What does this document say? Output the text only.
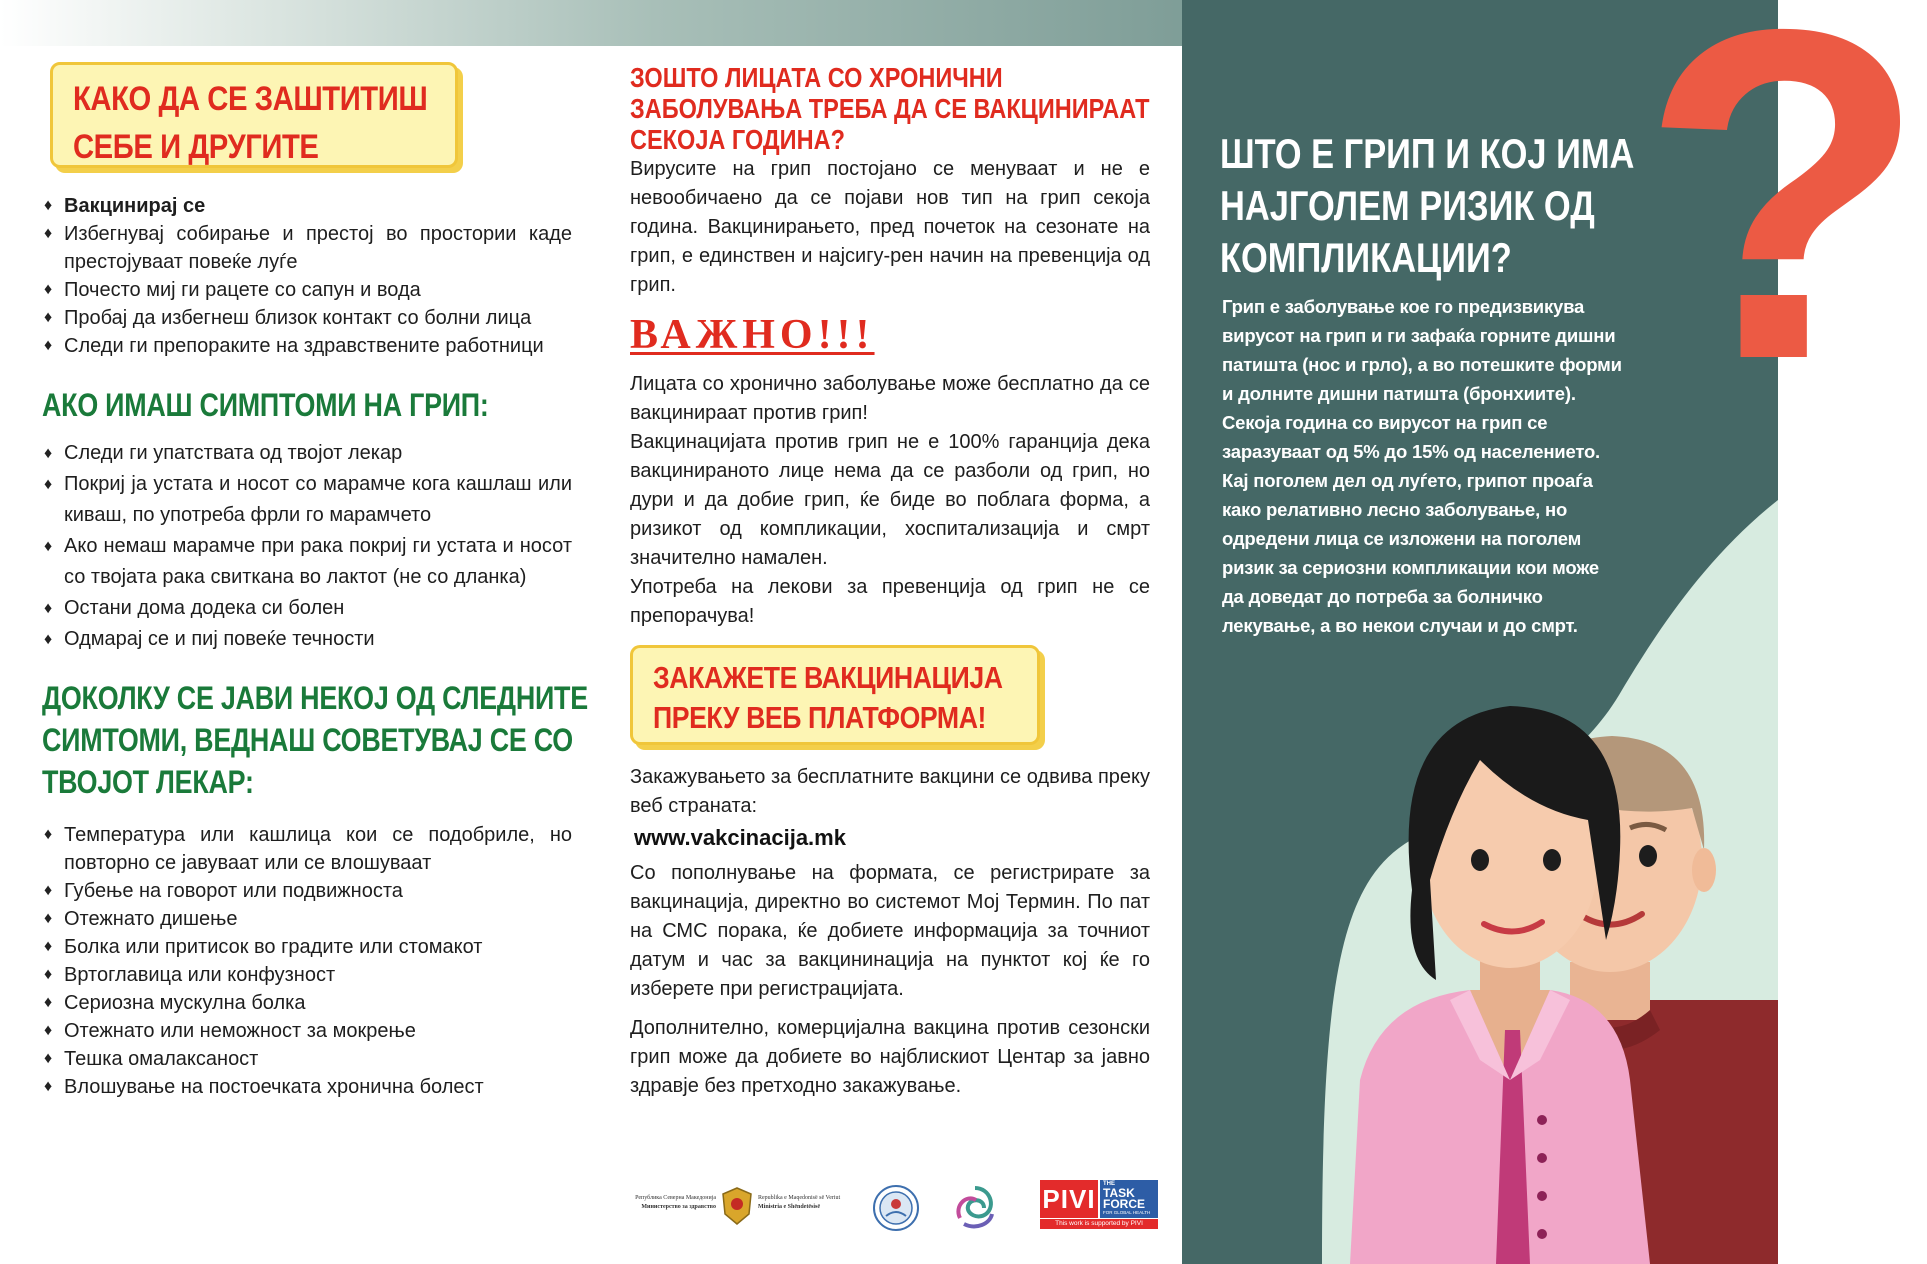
?
ШТО Е ГРИП И КОЈ ИМА
НАЈГОЛЕМ РИЗИК ОД
КОМПЛИКАЦИИ?
Грип е заболување кое го предизвикува вирусот на грип и ги зафаќа горните дишни патишта (нос и грло), а во потешките форми и долните дишни патишта (бронхиите). Секоја година со вирусот на грип се заразуваат од 5% до 15% од населението. Кај поголем дел од луѓето, грипот проаѓа како релативно лесно заболување, но одредени лица се изложени на поголем ризик за сериозни компликации кои може да доведат до потреба за болничко лекување, а во некои случаи и до смрт.
КАКО ДА СЕ ЗАШТИТИШ
СЕБЕ И ДРУГИТЕ
♦ Вакцинирај се
♦ Избегнувај собирање и престој во простории каде престојуваат повеќе луѓе
♦ Почесто миј ги рацете со сапун и вода
♦ Пробај да избегнеш близок контакт со болни лица
♦ Следи ги препораките на здравствените работници
АКО ИМАШ СИМПТОМИ НА ГРИП:
♦ Следи ги упатствата од твојот лекар
♦ Покриј ја устата и носот со марамче кога кашлаш или киваш, по употреба фрли го марамчето
♦ Ако немаш марамче при рака покриј ги устата и носот со твојата рака свиткана во лактот (не со дланка)
♦ Остани дома додека си болен
♦ Одмарај се и пиј повеќе течности
ДОКОЛКУ СЕ ЈАВИ НЕКОЈ ОД СЛЕДНИТЕ
СИМТОМИ, ВЕДНАШ СОВЕТУВАЈ СЕ СО
ТВОЈОТ ЛЕКАР:
♦ Температура или кашлица кои се подобриле, но повторно се јавуваат или се влошуваат
♦ Губење на говорот или подвижноста
♦ Отежнато дишење
♦ Болка или притисок во градите или стомакот
♦ Вртоглавица или конфузност
♦ Сериозна мускулна болка
♦ Отежнато или неможност за мокрење
♦ Тешка омалаксаност
♦ Влошување на постоечката хронична болест
ЗОШТО ЛИЦАТА СО ХРОНИЧНИ
ЗАБОЛУВАЊА ТРЕБА ДА СЕ ВАКЦИНИРААТ
СЕКОЈА ГОДИНА?

Вирусите на грип постојано се менуваат и не е невообичаено да се појави нов тип на грип секоја година. Вакцинирањето, пред почеток на сезонате на грип, е единствен и најсигу-рен начин на превенција од грип.

ВАЖНО!!!

Лицата со хронично заболување може бесплатно да се вакцинираат против грип!

Вакцинацијата против грип не е 100% гаранција дека вакцинираното лице нема да се разболи од грип, но дури и да добие грип, ќе биде во поблага форма, а ризикот од компликации, хоспитализација и смрт значително намален.

Употреба на лекови за превенција од грип не се препорачува!

ЗАКАЖЕТЕ ВАКЦИНАЦИЈА
ПРЕКУ ВЕБ ПЛАТФОРМА!

Закажувањето за бесплатните вакцини се одвива преку веб страната:

www.vakcinacija.mk

Со пополнување на формата, се регистрирате за вакцинација, директно во системот Мој Термин. По пат на СМС порака, ќе добиете информација за точниот датум и час за вакцининација на пунктот кој ќе го изберете при регистрацијата.

Дополнително, комерцијална вакцина против сезонски грип може да добиете во најблискиот Центар за јавно здравје без претходно закажување.

Република Северна Македонија
Министерство за здравство
Republika e Maqedonisë së Veriut
Ministria e Shëndetësisë	PIVI	THE
TASK
FORCE
FOR GLOBAL HEALTH
This work is supported by PIVI
